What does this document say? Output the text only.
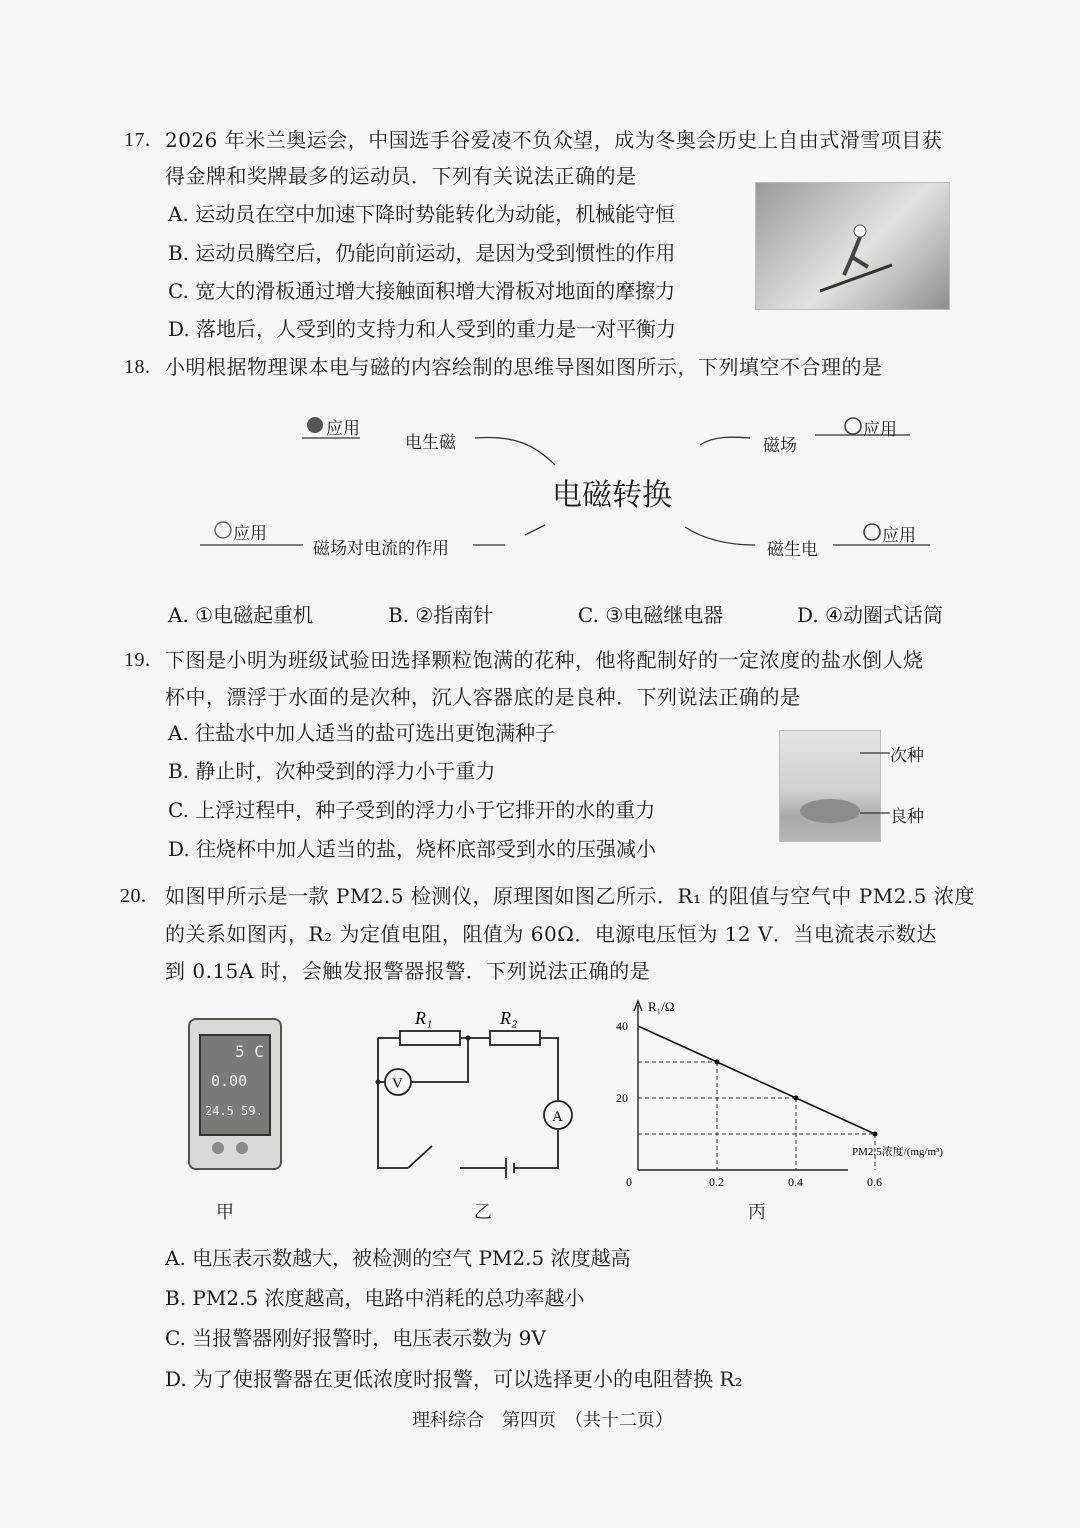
17. 2026 年米兰奥运会，中国选手谷爱凌不负众望，成为冬奥会历史上自由式滑雪项目获
得金牌和奖牌最多的运动员．下列有关说法正确的是
A. 运动员在空中加速下降时势能转化为动能，机械能守恒
B. 运动员腾空后，仍能向前运动，是因为受到惯性的作用
C. 宽大的滑板通过增大接触面积增大滑板对地面的摩擦力
D. 落地后，人受到的支持力和人受到的重力是一对平衡力
18. 小明根据物理课本电与磁的内容绘制的思维导图如图所示，下列填空不合理的是
应用
电生磁	磁场
应用
电磁转换
应用
磁场对电流的作用	磁生电
应用
A. ①电磁起重机	B. ②指南针	C. ③电磁继电器	D. ④动圈式话筒
19. 下图是小明为班级试验田选择颗粒饱满的花种，他将配制好的一定浓度的盐水倒人烧
杯中，漂浮于水面的是次种，沉人容器底的是良种．下列说法正确的是
A. 往盐水中加人适当的盐可选出更饱满种子
B. 静止时，次种受到的浮力小于重力
C. 上浮过程中，种子受到的浮力小于它排开的水的重力
D. 往烧杯中加人适当的盐，烧杯底部受到水的压强减小
次种
良种
20. 如图甲所示是一款 PM2.5 检测仪，原理图如图乙所示．R₁ 的阻值与空气中 PM2.5 浓度
的关系如图丙，R₂ 为定值电阻，阻值为 60Ω．电源电压恒为 12 V．当电流表示数达
到 0.15A 时，会触发报警器报警．下列说法正确的是
5 C
0.00
24.5 59.
R₁	R₂
V
A
R₁/Ω
PM2.5浓度/(mg/m³)
0	0.2	0.4	0.6
40
20
甲	乙	丙
A. 电压表示数越大，被检测的空气 PM2.5 浓度越高
B. PM2.5 浓度越高，电路中消耗的总功率越小
C. 当报警器刚好报警时，电压表示数为 9V
D. 为了使报警器在更低浓度时报警，可以选择更小的电阻替换 R₂
理科综合　第四页　（共十二页）
